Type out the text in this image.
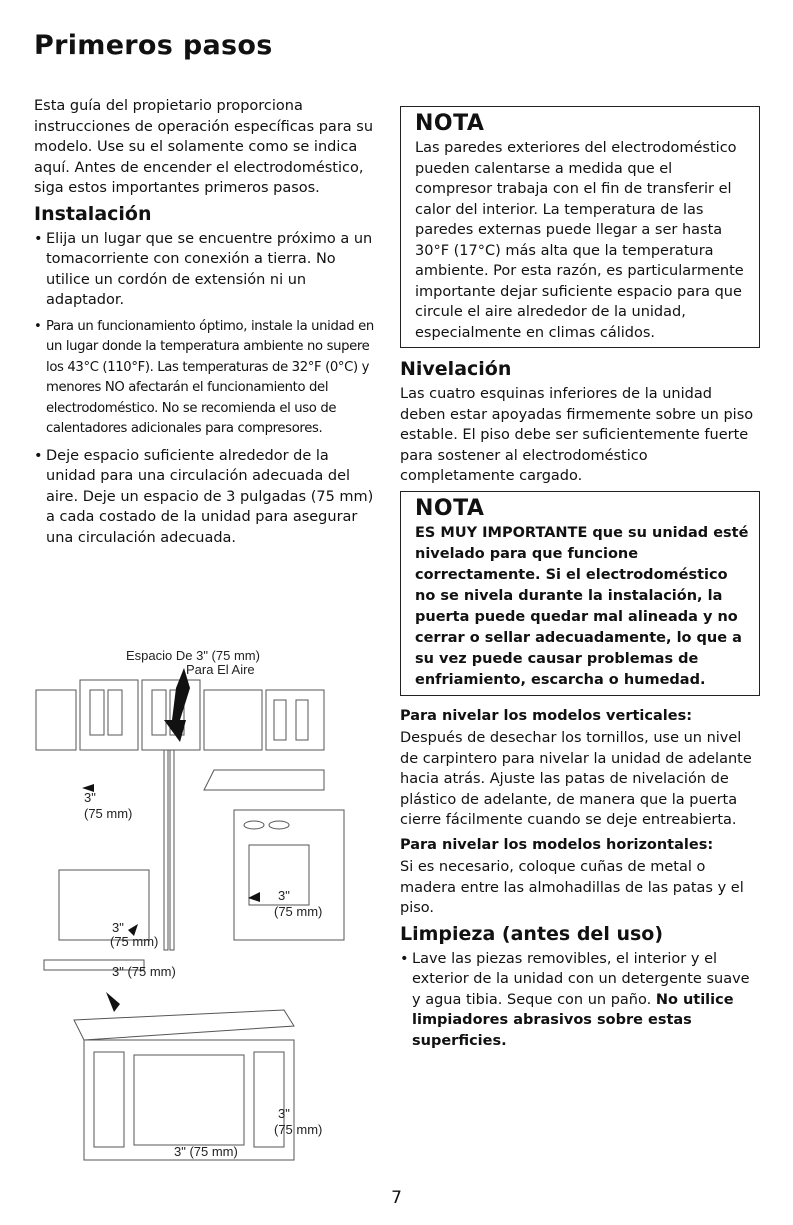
Primeros pasos

Esta guía del propietario proporciona instrucciones de operación específicas para su modelo. Use su el solamente como se indica aquí. Antes de encender el electrodoméstico, siga estos importantes primeros pasos.

Instalación
• Elija un lugar que se encuentre próximo a un tomacorriente con conexión a tierra. No utilice un cordón de extensión ni un adaptador.
• Para un funcionamiento óptimo, instale la unidad en un lugar donde la temperatura ambiente no supere los 43°C (110°F). Las temperaturas de 32°F (0°C) y menores NO afectarán el funcionamiento del electrodoméstico. No se recomienda el uso de calentadores adicionales para compresores.
• Deje espacio suficiente alrededor de la unidad para una circulación adecuada del aire. Deje un espacio de 3 pulgadas (75 mm) a cada costado de la unidad para asegurar una circulación adecuada.
Espacio De 3" (75 mm)
Para El Aire
3"
(75 mm)
3"
(75 mm)
3"
(75 mm)
3" (75 mm)
3"
(75 mm)
3" (75 mm)
NOTA

Las paredes exteriores del electrodoméstico pueden calentarse a medida que el compresor trabaja con el fin de transferir el calor del interior. La temperatura de las paredes externas puede llegar a ser hasta 30°F (17°C) más alta que la temperatura ambiente. Por esta razón, es particularmente importante dejar suficiente espacio para que circule el aire alrededor de la unidad, especialmente en climas cálidos.

Nivelación

Las cuatro esquinas inferiores de la unidad deben estar apoyadas firmemente sobre un piso estable. El piso debe ser suficientemente fuerte para sostener al electrodoméstico completamente cargado.

NOTA

ES MUY IMPORTANTE que su unidad esté nivelado para que funcione correctamente. Si el electrodoméstico no se nivela durante la instalación, la puerta puede quedar mal alineada y no cerrar o sellar adecuadamente, lo que a su vez puede causar problemas de enfriamiento, escarcha o humedad.

Para nivelar los modelos verticales:

Después de desechar los tornillos, use un nivel de carpintero para nivelar la unidad de adelante hacia atrás. Ajuste las patas de nivelación de plástico de adelante, de manera que la puerta cierre fácilmente cuando se deje entreabierta.

Para nivelar los modelos horizontales:

Si es necesario, coloque cuñas de metal o madera entre las almohadillas de las patas y el piso.

Limpieza (antes del uso)
• Lave las piezas removibles, el interior y el exterior de la unidad con un detergente suave y agua tibia. Seque con un paño. No utilice limpiadores abrasivos sobre estas superficies.
7
